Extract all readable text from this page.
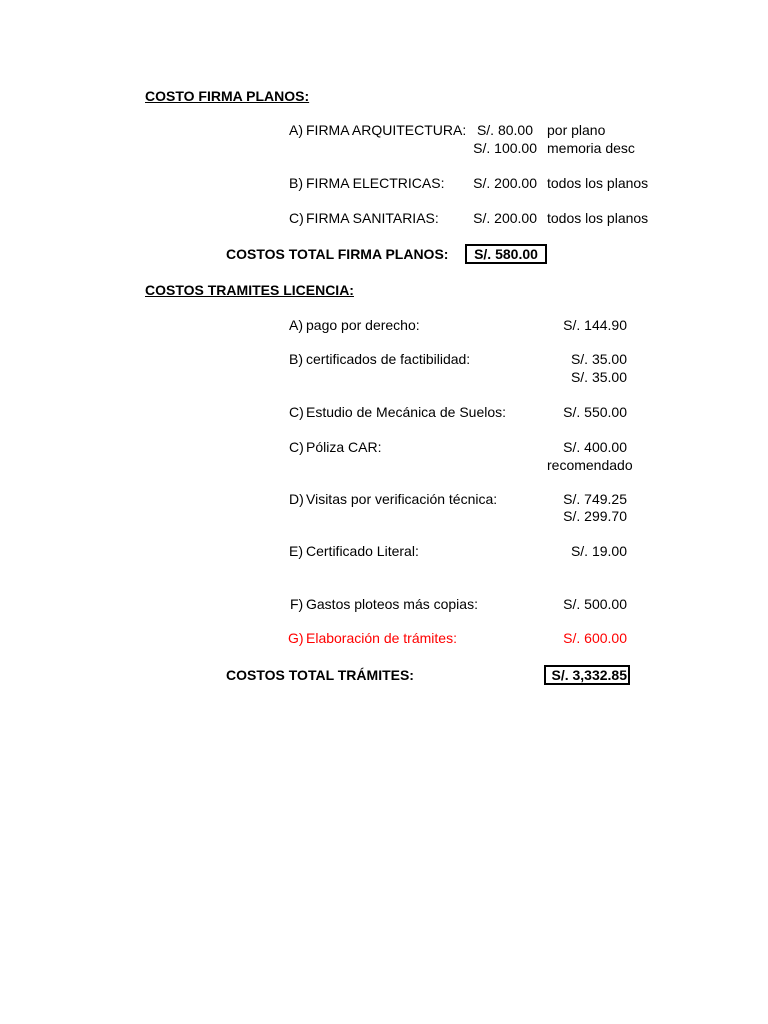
COSTO FIRMA PLANOS:
A) FIRMA ARQUITECTURA: S/. 80.00 por plano
S/. 100.00 memoria desc
B) FIRMA ELECTRICAS:	S/. 200.00 todos los planos
C) FIRMA SANITARIAS:	S/. 200.00 todos los planos
COSTOS TOTAL FIRMA PLANOS:	S/. 580.00
COSTOS TRAMITES LICENCIA:
A) pago por derecho:	S/. 144.90
B) certificados de factibilidad:	S/. 35.00
S/. 35.00
C) Estudio de Mecánica de Suelos:	S/. 550.00
C) Póliza CAR:	S/. 400.00
recomendado
D) Visitas por verificación técnica:	S/. 749.25
S/. 299.70
E) Certificado Literal:	S/. 19.00
F) Gastos ploteos más copias:	S/. 500.00
G) Elaboración de trámites:	S/. 600.00
COSTOS TOTAL TRÁMITES:	S/. 3,332.85
